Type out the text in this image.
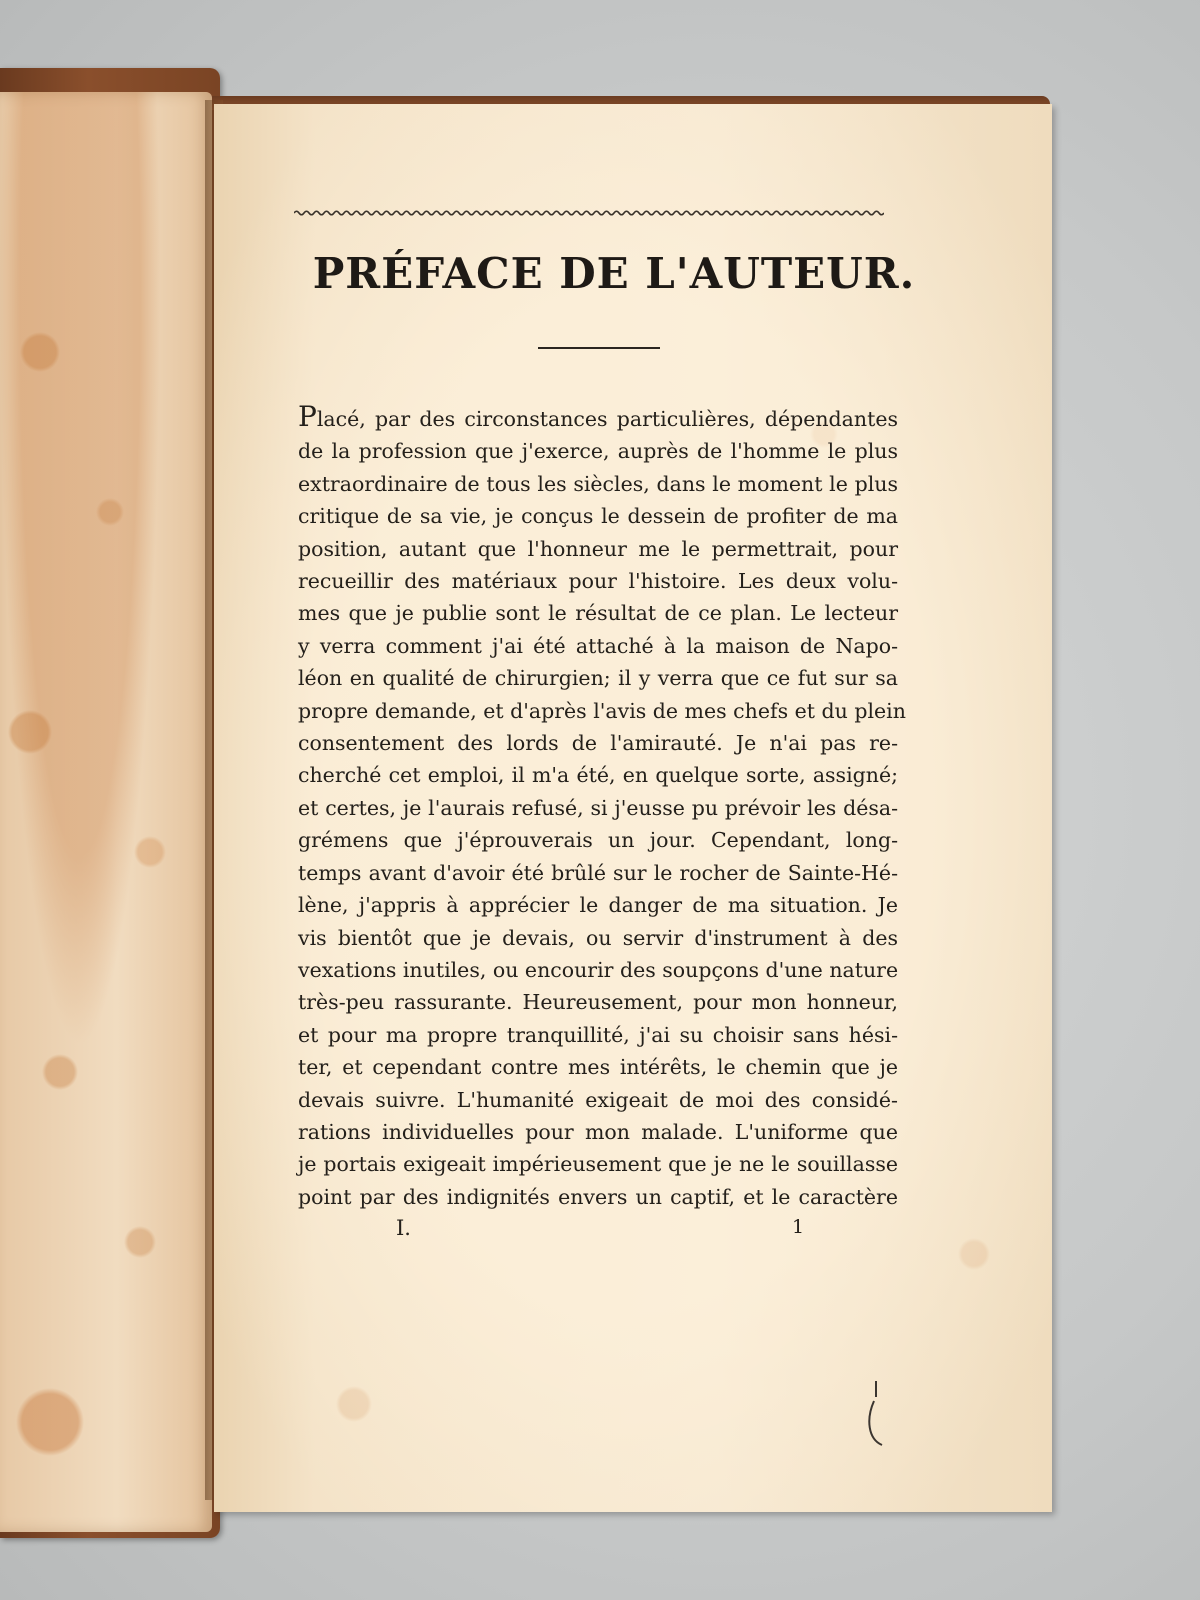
PRÉFACE DE L'AUTEUR.
Placé, par des circonstances particulières, dépendantes
de la profession que j'exerce, auprès de l'homme le plus
extraordinaire de tous les siècles, dans le moment le plus
critique de sa vie, je conçus le dessein de profiter de ma
position, autant que l'honneur me le permettrait, pour
recueillir des matériaux pour l'histoire. Les deux volu-
mes que je publie sont le résultat de ce plan. Le lecteur
y verra comment j'ai été attaché à la maison de Napo-
léon en qualité de chirurgien; il y verra que ce fut sur sa
propre demande, et d'après l'avis de mes chefs et du plein
consentement des lords de l'amirauté. Je n'ai pas re-
cherché cet emploi, il m'a été, en quelque sorte, assigné;
et certes, je l'aurais refusé, si j'eusse pu prévoir les désa-
grémens que j'éprouverais un jour. Cependant, long-
temps avant d'avoir été brûlé sur le rocher de Sainte-Hé-
lène, j'appris à apprécier le danger de ma situation. Je
vis bientôt que je devais, ou servir d'instrument à des
vexations inutiles, ou encourir des soupçons d'une nature
très-peu rassurante. Heureusement, pour mon honneur,
et pour ma propre tranquillité, j'ai su choisir sans hési-
ter, et cependant contre mes intérêts, le chemin que je
devais suivre. L'humanité exigeait de moi des considé-
rations individuelles pour mon malade. L'uniforme que
je portais exigeait impérieusement que je ne le souillasse
point par des indignités envers un captif, et le caractère
I.	1
